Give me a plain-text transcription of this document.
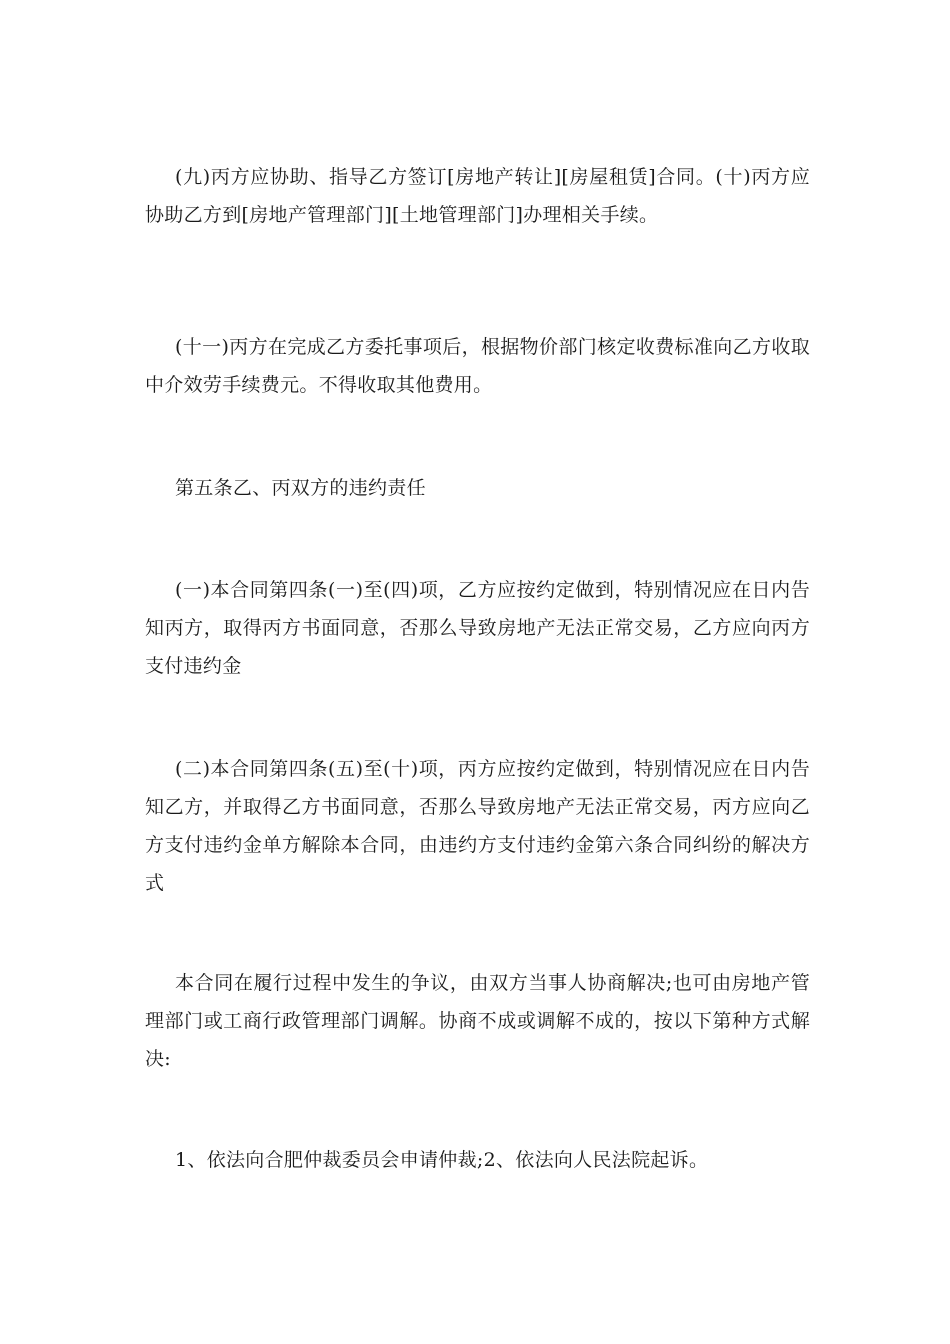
(九)丙方应协助、指导乙方签订[房地产转让][房屋租赁]合同。(十)丙方应协助乙方到[房地产管理部门][土地管理部门]办理相关手续。

(十一)丙方在完成乙方委托事项后，根据物价部门核定收费标准向乙方收取中介效劳手续费元。不得收取其他费用。

第五条乙、丙双方的违约责任

(一)本合同第四条(一)至(四)项，乙方应按约定做到，特别情况应在日内告知丙方，取得丙方书面同意，否那么导致房地产无法正常交易，乙方应向丙方支付违约金

(二)本合同第四条(五)至(十)项，丙方应按约定做到，特别情况应在日内告知乙方，并取得乙方书面同意，否那么导致房地产无法正常交易，丙方应向乙方支付违约金单方解除本合同，由违约方支付违约金第六条合同纠纷的解决方式

本合同在履行过程中发生的争议，由双方当事人协商解决;也可由房地产管理部门或工商行政管理部门调解。协商不成或调解不成的，按以下第种方式解决:

1、依法向合肥仲裁委员会申请仲裁;2、依法向人民法院起诉。
